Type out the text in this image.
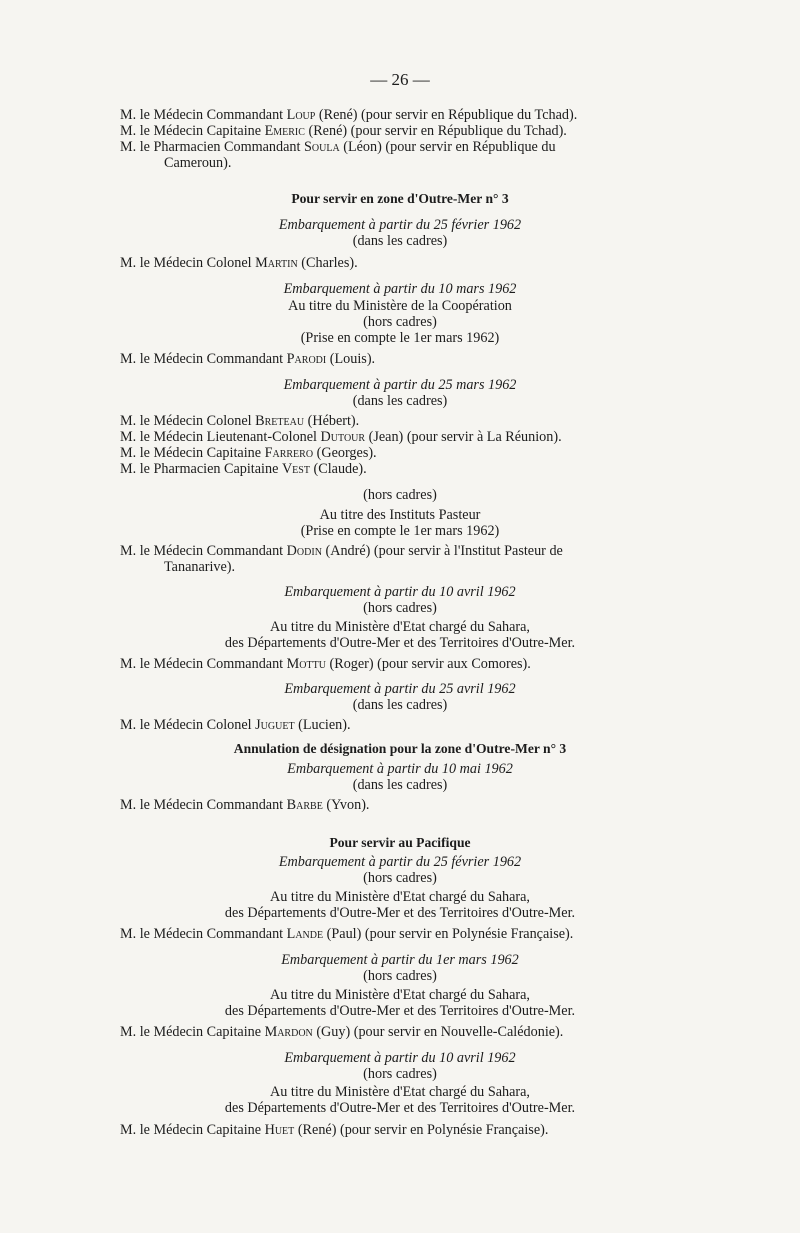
— 26 —
M. le Médecin Commandant Loup (René) (pour servir en République du Tchad).
M. le Médecin Capitaine Emeric (René) (pour servir en République du Tchad).
M. le Pharmacien Commandant Soula (Léon) (pour servir en République du
Cameroun).
Pour servir en zone d'Outre-Mer n° 3
Embarquement à partir du 25 février 1962
(dans les cadres)
M. le Médecin Colonel Martin (Charles).
Embarquement à partir du 10 mars 1962
Au titre du Ministère de la Coopération
(hors cadres)
(Prise en compte le 1er mars 1962)
M. le Médecin Commandant Parodi (Louis).
Embarquement à partir du 25 mars 1962
(dans les cadres)
M. le Médecin Colonel Breteau (Hébert).
M. le Médecin Lieutenant-Colonel Dutour (Jean) (pour servir à La Réunion).
M. le Médecin Capitaine Farrero (Georges).
M. le Pharmacien Capitaine Vest (Claude).
(hors cadres)
Au titre des Instituts Pasteur
(Prise en compte le 1er mars 1962)
M. le Médecin Commandant Dodin (André) (pour servir à l'Institut Pasteur de
Tananarive).
Embarquement à partir du 10 avril 1962
(hors cadres)
Au titre du Ministère d'Etat chargé du Sahara,
des Départements d'Outre-Mer et des Territoires d'Outre-Mer.
M. le Médecin Commandant Mottu (Roger) (pour servir aux Comores).
Embarquement à partir du 25 avril 1962
(dans les cadres)
M. le Médecin Colonel Juguet (Lucien).
Annulation de désignation pour la zone d'Outre-Mer n° 3
Embarquement à partir du 10 mai 1962
(dans les cadres)
M. le Médecin Commandant Barbe (Yvon).
Pour servir au Pacifique
Embarquement à partir du 25 février 1962
(hors cadres)
Au titre du Ministère d'Etat chargé du Sahara,
des Départements d'Outre-Mer et des Territoires d'Outre-Mer.
M. le Médecin Commandant Lande (Paul) (pour servir en Polynésie Française).
Embarquement à partir du 1er mars 1962
(hors cadres)
Au titre du Ministère d'Etat chargé du Sahara,
des Départements d'Outre-Mer et des Territoires d'Outre-Mer.
M. le Médecin Capitaine Mardon (Guy) (pour servir en Nouvelle-Calédonie).
Embarquement à partir du 10 avril 1962
(hors cadres)
Au titre du Ministère d'Etat chargé du Sahara,
des Départements d'Outre-Mer et des Territoires d'Outre-Mer.
M. le Médecin Capitaine Huet (René) (pour servir en Polynésie Française).
